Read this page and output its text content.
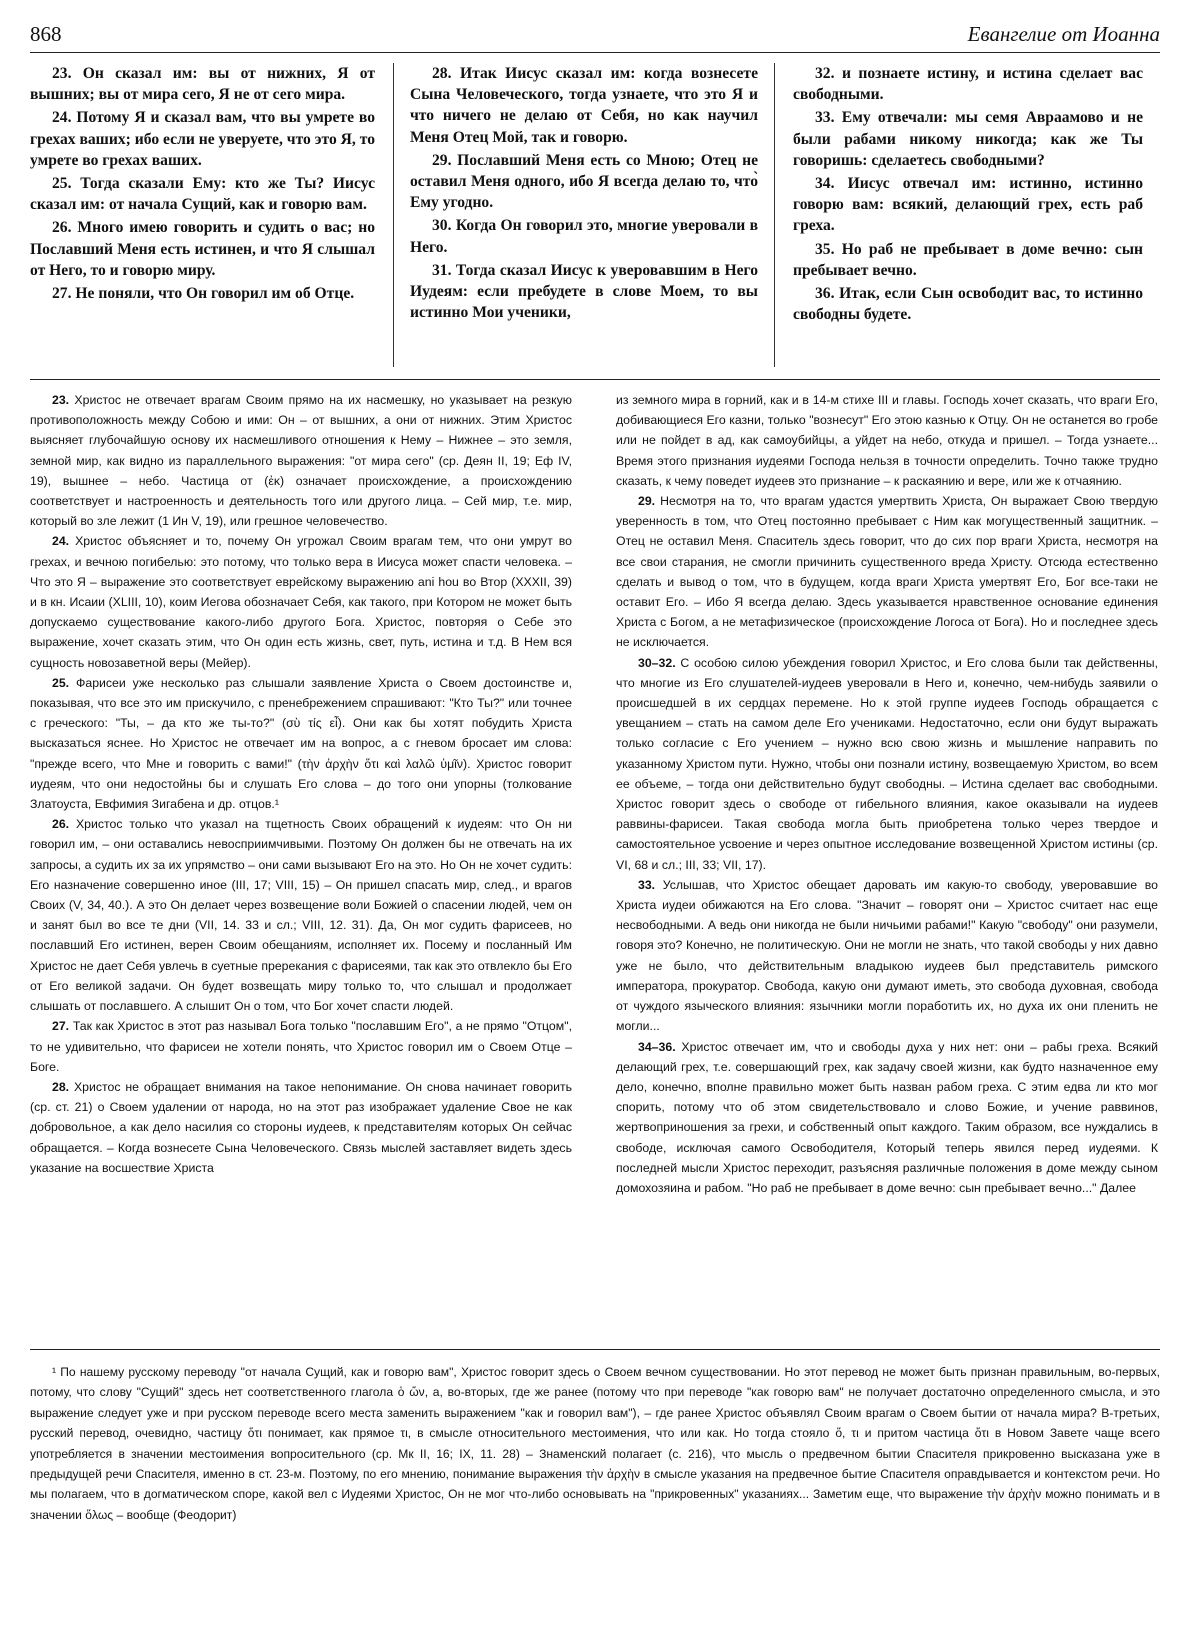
868	Евангелие от Иоанна

23. Он сказал им: вы от нижних, Я от вышних; вы от мира сего, Я не от сего мира.

24. Потому Я и сказал вам, что вы умрете во грехах ваших; ибо если не уверуете, что это Я, то умрете во грехах ваших.

25. Тогда сказали Ему: кто же Ты? Иисус сказал им: от начала Сущий, как и говорю вам.

26. Много имею говорить и судить о вас; но Пославший Меня есть истинен, и что Я слышал от Него, то и говорю миру.

27. Не поняли, что Он говорил им об Отце.

28. Итак Иисус сказал им: когда вознесете Сына Человеческого, тогда узнаете, что это Я и что ничего не делаю от Себя, но как научил Меня Отец Мой, так и говорю.

29. Пославший Меня есть со Мною; Отец не оставил Меня одного, ибо Я всегда делаю то, что̀ Ему угодно.

30. Когда Он говорил это, многие уверовали в Него.

31. Тогда сказал Иисус к уверовавшим в Него Иудеям: если пребудете в слове Моем, то вы истинно Мои ученики,

32. и познаете истину, и истина сделает вас свободными.

33. Ему отвечали: мы семя Авраамово и не были рабами никому никогда; как же Ты говоришь: сделаетесь свободными?

34. Иисус отвечал им: истинно, истинно говорю вам: всякий, делающий грех, есть раб греха.

35. Но раб не пребывает в доме вечно: сын пребывает вечно.

36. Итак, если Сын освободит вас, то истинно свободны будете.

23. Христос не отвечает врагам Своим прямо на их насмешку, но указывает на резкую противоположность между Собою и ими: Он – от вышних, а они от нижних. Этим Христос выясняет глубочайшую основу их насмешливого отношения к Нему – Нижнее – это земля, земной мир, как видно из параллельного выражения: "от мира сего" (ср. Деян II, 19; Еф IV, 19), вышнее – небо. Частица от (ἐκ) означает происхождение, а происхождению соответствует и настроенность и деятельность того или другого лица. – Сей мир, т.е. мир, который во зле лежит (1 Ин V, 19), или грешное человечество.

24. Христос объясняет и то, почему Он угрожал Своим врагам тем, что они умрут во грехах, и вечною погибелью: это потому, что только вера в Иисуса может спасти человека. – Что это Я – выражение это соответствует еврейскому выражению ani hou во Втор (XXXII, 39) и в кн. Исаии (XLIII, 10), коим Иегова обозначает Себя, как такого, при Котором не может быть допускаемо существование какого-либо другого Бога. Христос, повторяя о Себе это выражение, хочет сказать этим, что Он один есть жизнь, свет, путь, истина и т.д. В Нем вся сущность новозаветной веры (Мейер).

25. Фарисеи уже несколько раз слышали заявление Христа о Своем достоинстве и, показывая, что все это им прискучило, с пренебрежением спрашивают: "Кто Ты?" или точнее с греческого: "Ты, – да кто же ты-то?" (σὺ τίς εἶ). Они как бы хотят побудить Христа высказаться яснее. Но Христос не отвечает им на вопрос, а с гневом бросает им слова: "прежде всего, что Мне и говорить с вами!" (τὴν ἀρχὴν ὅτι καὶ λαλῶ ὑμῖν). Христос говорит иудеям, что они недостойны бы и слушать Его слова – до того они упорны (толкование Златоуста, Евфимия Зигабена и др. отцов.¹

26. Христос только что указал на тщетность Своих обращений к иудеям: что Он ни говорил им, – они оставались невосприимчивыми. Поэтому Он должен бы не отвечать на их запросы, а судить их за их упрямство – они сами вызывают Его на это. Но Он не хочет судить: Его назначение совершенно иное (III, 17; VIII, 15) – Он пришел спасать мир, след., и врагов Своих (V, 34, 40.). А это Он делает через возвещение воли Божией о спасении людей, чем он и занят был во все те дни (VII, 14. 33 и сл.; VIII, 12. 31). Да, Он мог судить фарисеев, но пославший Его истинен, верен Своим обещаниям, исполняет их. Посему и посланный Им Христос не дает Себя увлечь в суетные пререкания с фарисеями, так как это отвлекло бы Его от Его великой задачи. Он будет возвещать миру только то, что слышал и продолжает слышать от пославшего. А слышит Он о том, что Бог хочет спасти людей.

27. Так как Христос в этот раз называл Бога только "пославшим Его", а не прямо "Отцом", то не удивительно, что фарисеи не хотели понять, что Христос говорил им о Своем Отце – Боге.

28. Христос не обращает внимания на такое непонимание. Он снова начинает говорить (ср. ст. 21) о Своем удалении от народа, но на этот раз изображает удаление Свое не как добровольное, а как дело насилия со стороны иудеев, к представителям которых Он сейчас обращается. – Когда вознесете Сына Человеческого. Связь мыслей заставляет видеть здесь указание на восшествие Христа

из земного мира в горний, как и в 14-м стихе III и главы. Господь хочет сказать, что враги Его, добивающиеся Его казни, только "вознесут" Его этою казнью к Отцу. Он не останется во гробе или не пойдет в ад, как самоубийцы, а уйдет на небо, откуда и пришел. – Тогда узнаете... Время этого признания иудеями Господа нельзя в точности определить. Точно также трудно сказать, к чему поведет иудеев это признание – к раскаянию и вере, или же к отчаянию.

29. Несмотря на то, что врагам удастся умертвить Христа, Он выражает Свою твердую уверенность в том, что Отец постоянно пребывает с Ним как могущественный защитник. – Отец не оставил Меня. Спаситель здесь говорит, что до сих пор враги Христа, несмотря на все свои старания, не смогли причинить существенного вреда Христу. Отсюда естественно сделать и вывод о том, что в будущем, когда враги Христа умертвят Его, Бог все-таки не оставит Его. – Ибо Я всегда делаю. Здесь указывается нравственное основание единения Христа с Богом, а не метафизическое (происхождение Логоса от Бога). Но и последнее здесь не исключается.

30–32. С особою силою убеждения говорил Христос, и Его слова были так действенны, что многие из Его слушателей-иудеев уверовали в Него и, конечно, чем-нибудь заявили о происшедшей в их сердцах перемене. Но к этой группе иудеев Господь обращается с увещанием – стать на самом деле Его учениками. Недостаточно, если они будут выражать только согласие с Его учением – нужно всю свою жизнь и мышление направить по указанному Христом пути. Нужно, чтобы они познали истину, возвещаемую Христом, во всем ее объеме, – тогда они действительно будут свободны. – Истина сделает вас свободными. Христос говорит здесь о свободе от гибельного влияния, какое оказывали на иудеев раввины-фарисеи. Такая свобода могла быть приобретена только через твердое и самостоятельное усвоение и через опытное исследование возвещенной Христом истины (ср. VI, 68 и сл.; III, 33; VII, 17).

33. Услышав, что Христос обещает даровать им какую-то свободу, уверовавшие во Христа иудеи обижаются на Его слова. "Значит – говорят они – Христос считает нас еще несвободными. А ведь они никогда не были ничьими рабами!" Какую "свободу" они разумели, говоря это? Конечно, не политическую. Они не могли не знать, что такой свободы у них давно уже не было, что действительным владыкою иудеев был представитель римского императора, прокуратор. Свобода, какую они думают иметь, это свобода духовная, свобода от чуждого языческого влияния: язычники могли поработить их, но духа их они пленить не могли...

34–36. Христос отвечает им, что и свободы духа у них нет: они – рабы греха. Всякий делающий грех, т.е. совершающий грех, как задачу своей жизни, как будто назначенное ему дело, конечно, вполне правильно может быть назван рабом греха. С этим едва ли кто мог спорить, потому что об этом свидетельствовало и слово Божие, и учение раввинов, жертвоприношения за грехи, и собственный опыт каждого. Таким образом, все нуждались в свободе, исключая самого Освободителя, Который теперь явился перед иудеями. К последней мысли Христос переходит, разъясняя различные положения в доме между сыном домохозяина и рабом. "Но раб не пребывает в доме вечно: сын пребывает вечно..." Далее

¹ По нашему русскому переводу "от начала Сущий, как и говорю вам", Христос говорит здесь о Своем вечном существовании. Но этот перевод не может быть признан правильным, во-первых, потому, что слову "Сущий" здесь нет соответственного глагола ὁ ὤν, а, во-вторых, где же ранее (потому что при переводе "как говорю вам" не получает достаточно определенного смысла, и это выражение следует уже и при русском переводе всего места заменить выражением "как и говорил вам"), – где ранее Христос объявлял Своим врагам о Своем бытии от начала мира? В-третьих, русский перевод, очевидно, частицу ὅτι понимает, как прямое τι, в смысле относительного местоимения, что или как. Но тогда стояло ὅ, τι и притом частица ὅτι в Новом Завете чаще всего употребляется в значении местоимения вопросительного (ср. Мк II, 16; IX, 11. 28) – Знаменский полагает (с. 216), что мысль о предвечном бытии Спасителя прикровенно высказана уже в предыдущей речи Спасителя, именно в ст. 23-м. Поэтому, по его мнению, понимание выражения τὴν ἀρχὴν в смысле указания на предвечное бытие Спасителя оправдывается и контекстом речи. Но мы полагаем, что в догматическом споре, какой вел с Иудеями Христос, Он не мог что-либо основывать на "прикровенных" указаниях... Заметим еще, что выражение τὴν ἀρχὴν можно понимать и в значении ὅλως – вообще (Феодорит)
